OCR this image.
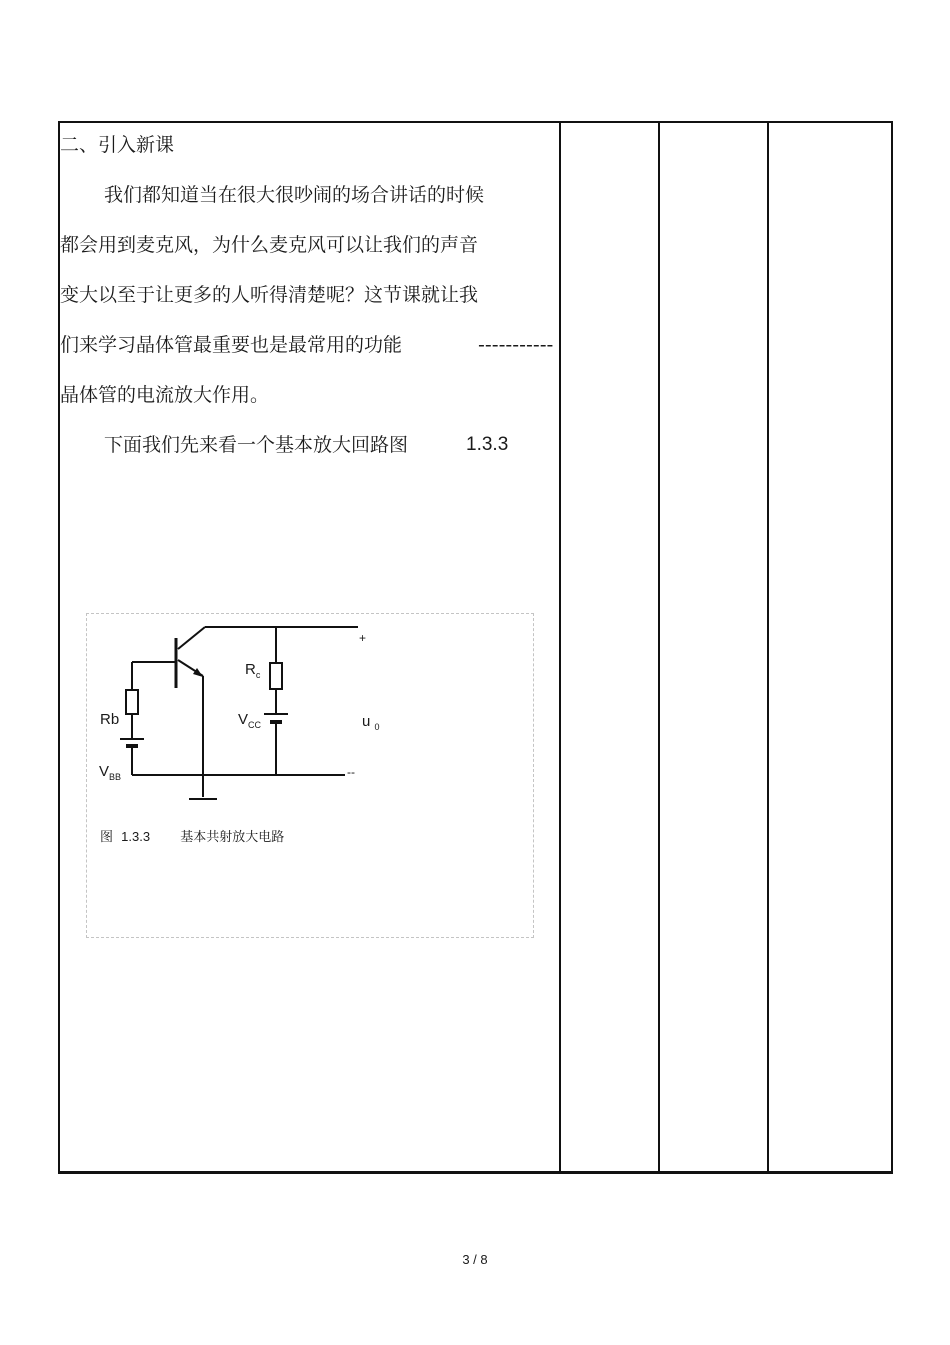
二、引入新课
我们都知道当在很大很吵闹的场合讲话的时候
都会用到麦克风，为什么麦克风可以让我们的声音
变大以至于让更多的人听得清楚呢？这节课就让我
们来学习晶体管最重要也是最常用的功能	-----------
晶体管的电流放大作用。
下面我们先来看一个基本放大回路图	1.3.3
+
$R_c$
Rb	$V_{CC}$	u $_0$
$V_{BB}$	--
图 1.3.3 基本共射放大电路
3 / 8
